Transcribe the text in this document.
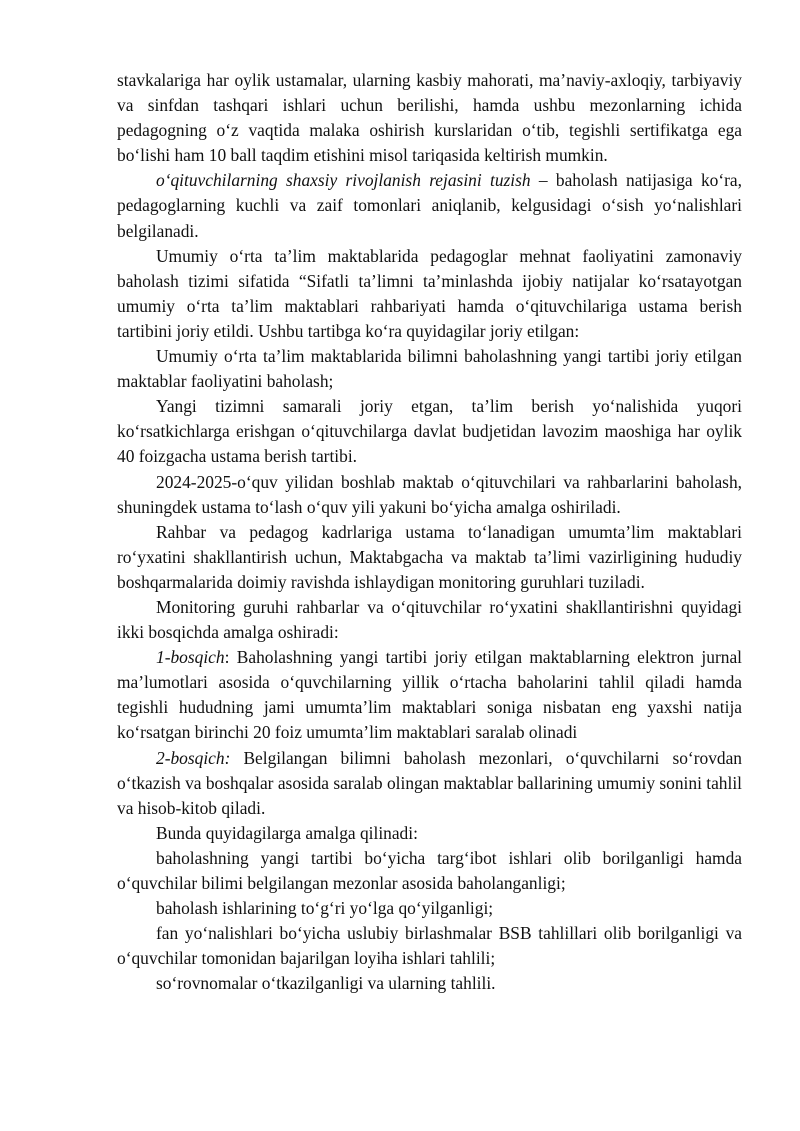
stavkalariga har oylik ustamalar, ularning kasbiy mahorati, ma’naviy-axloqiy, tarbiyaviy va sinfdan tashqari ishlari uchun berilishi, hamda ushbu mezonlarning ichida pedagogning o‘z vaqtida malaka oshirish kurslaridan o‘tib, tegishli sertifikatga ega bo‘lishi ham 10 ball taqdim etishini misol tariqasida keltirish mumkin.

o‘qituvchilarning shaxsiy rivojlanish rejasini tuzish – baholash natijasiga ko‘ra, pedagoglarning kuchli va zaif tomonlari aniqlanib, kelgusidagi o‘sish yo‘nalishlari belgilanadi.

Umumiy o‘rta ta’lim maktablarida pedagoglar mehnat faoliyatini zamonaviy baholash tizimi sifatida “Sifatli ta’limni ta’minlashda ijobiy natijalar ko‘rsatayotgan umumiy o‘rta ta’lim maktablari rahbariyati hamda o‘qituvchilariga ustama berish tartibini joriy etildi. Ushbu tartibga ko‘ra quyidagilar joriy etilgan:

Umumiy o‘rta ta’lim maktablarida bilimni baholashning yangi tartibi joriy etilgan maktablar faoliyatini baholash;

Yangi tizimni samarali joriy etgan, ta’lim berish yo‘nalishida yuqori ko‘rsatkichlarga erishgan o‘qituvchilarga davlat budjetidan lavozim maoshiga har oylik 40 foizgacha ustama berish tartibi.

2024-2025-o‘quv yilidan boshlab maktab o‘qituvchilari va rahbarlarini baholash, shuningdek ustama to‘lash o‘quv yili yakuni bo‘yicha amalga oshiriladi.

Rahbar va pedagog kadrlariga ustama to‘lanadigan umumta’lim maktablari ro‘yxatini shakllantirish uchun, Maktabgacha va maktab ta’limi vazirligining hududiy boshqarmalarida doimiy ravishda ishlaydigan monitoring guruhlari tuziladi.

Monitoring guruhi rahbarlar va o‘qituvchilar ro‘yxatini shakllantirishni quyidagi ikki bosqichda amalga oshiradi:

1-bosqich: Baholashning yangi tartibi joriy etilgan maktablarning elektron jurnal ma’lumotlari asosida o‘quvchilarning yillik o‘rtacha baholarini tahlil qiladi hamda tegishli hududning jami umumta’lim maktablari soniga nisbatan eng yaxshi natija ko‘rsatgan birinchi 20 foiz umumta’lim maktablari saralab olinadi

2-bosqich: Belgilangan bilimni baholash mezonlari, o‘quvchilarni so‘rovdan o‘tkazish va boshqalar asosida saralab olingan maktablar ballarining umumiy sonini tahlil va hisob-kitob qiladi.

Bunda quyidagilarga amalga qilinadi:

baholashning yangi tartibi bo‘yicha targ‘ibot ishlari olib borilganligi hamda o‘quvchilar bilimi belgilangan mezonlar asosida baholanganligi;

baholash ishlarining to‘g‘ri yo‘lga qo‘yilganligi;

fan yo‘nalishlari bo‘yicha uslubiy birlashmalar BSB tahlillari olib borilganligi va o‘quvchilar tomonidan bajarilgan loyiha ishlari tahlili;

so‘rovnomalar o‘tkazilganligi va ularning tahlili.
